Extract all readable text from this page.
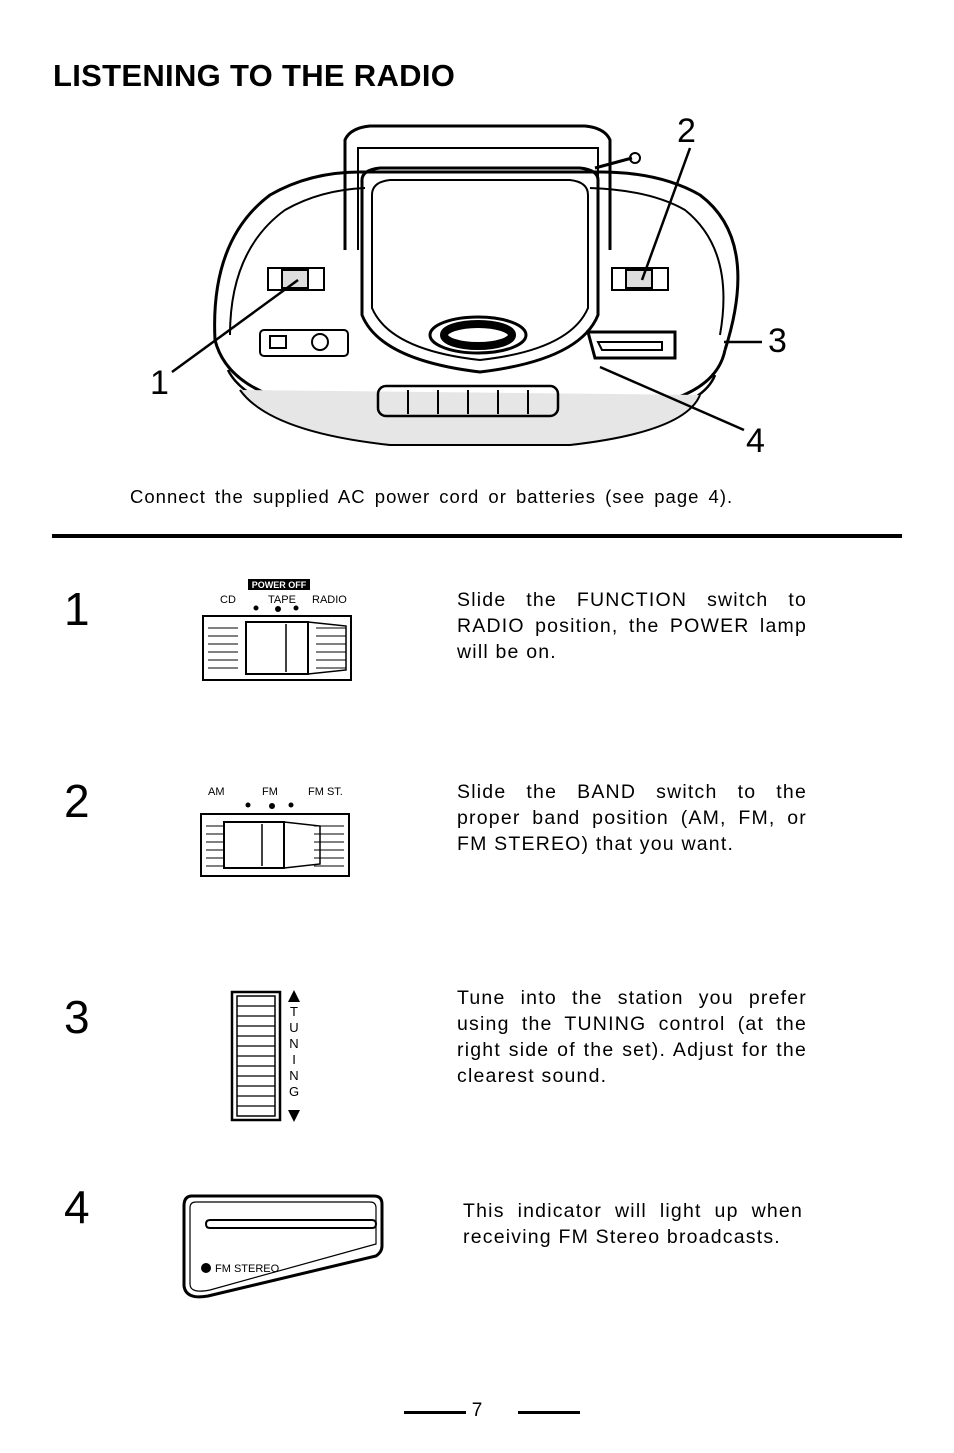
LISTENING TO THE RADIO
1
2
3
4
Connect the supplied AC power cord or batteries (see page 4).
1	POWER OFF
CD	TAPE RADIO	Slide the FUNCTION switch to RADIO position, the POWER lamp will be on.
2	AM	FM	FM ST.	Slide the BAND switch to the proper band position (AM, FM, or FM STEREO) that you want.
3	T
U
N
I
N
G
Tune into the station you prefer using the TUNING control (at the right side of the set). Adjust for the clearest sound.
4
FM STEREO
This indicator will light up when receiving FM Stereo broadcasts.
7
